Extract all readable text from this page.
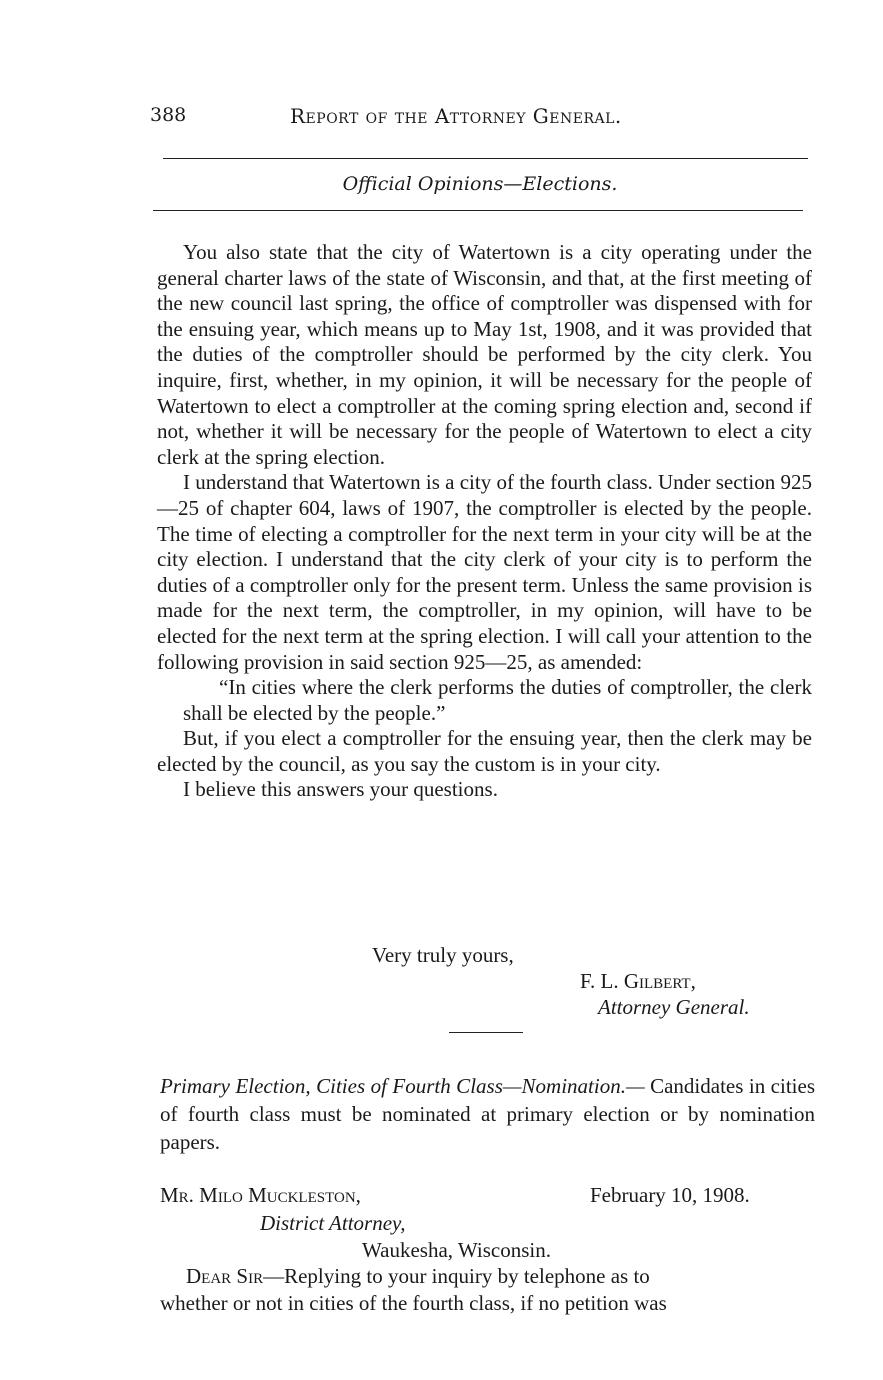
388	Report of the Attorney General.
Official Opinions—Elections.

You also state that the city of Watertown is a city operating under the general charter laws of the state of Wisconsin, and that, at the first meeting of the new council last spring, the office of comptroller was dispensed with for the ensuing year, which means up to May 1st, 1908, and it was provided that the duties of the comptroller should be performed by the city clerk. You inquire, first, whether, in my opinion, it will be necessary for the people of Watertown to elect a comptroller at the coming spring election and, second if not, whether it will be necessary for the people of Watertown to elect a city clerk at the spring election.

I understand that Watertown is a city of the fourth class. Under section 925—25 of chapter 604, laws of 1907, the comptroller is elected by the people. The time of electing a comptroller for the next term in your city will be at the city election. I understand that the city clerk of your city is to perform the duties of a comptroller only for the present term. Unless the same provision is made for the next term, the comptroller, in my opinion, will have to be elected for the next term at the spring election. I will call your attention to the following provision in said section 925—25, as amended:

“In cities where the clerk performs the duties of comptroller, the clerk shall be elected by the people.”

But, if you elect a comptroller for the ensuing year, then the clerk may be elected by the council, as you say the custom is in your city.

I believe this answers your questions.

Very truly yours,
F. L. Gilbert,
Attorney General.
Primary Election, Cities of Fourth Class—Nomination.— Candidates in cities of fourth class must be nominated at primary election or by nomination papers.
Mr. Milo Muckleston,	February 10, 1908.
District Attorney,
Waukesha, Wisconsin.
Dear Sir—Replying to your inquiry by telephone as to
whether or not in cities of the fourth class, if no petition was
